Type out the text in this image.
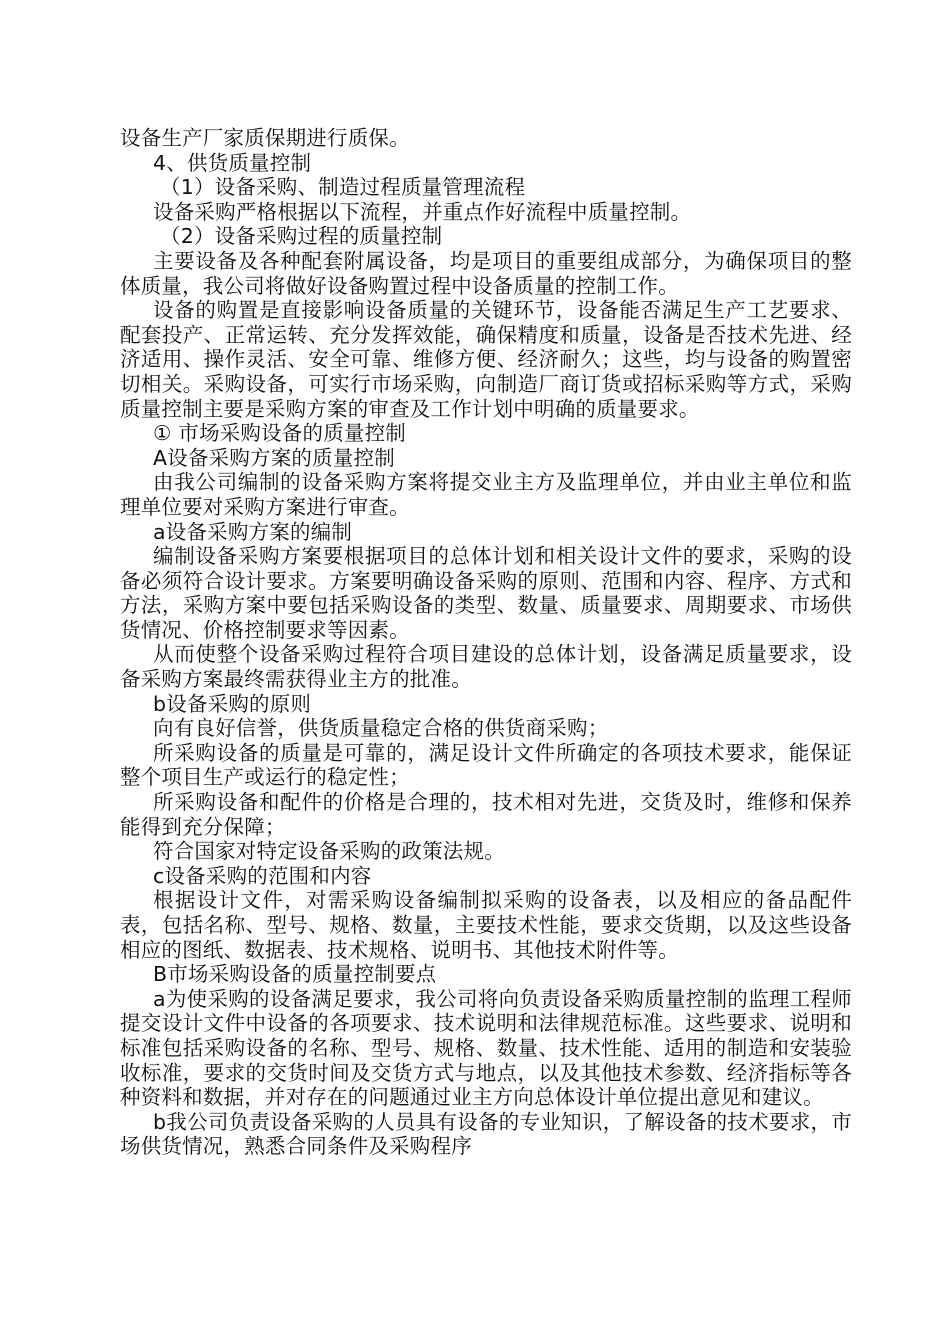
设备生产厂家质保期进行质保。

4、供货质量控制

（1）设备采购、制造过程质量管理流程

设备采购严格根据以下流程，并重点作好流程中质量控制。

（2）设备采购过程的质量控制

主要设备及各种配套附属设备，均是项目的重要组成部分，为确保项目的整体质量，我公司将做好设备购置过程中设备质量的控制工作。

设备的购置是直接影响设备质量的关键环节，设备能否满足生产工艺要求、配套投产、正常运转、充分发挥效能，确保精度和质量，设备是否技术先进、经济适用、操作灵活、安全可靠、维修方便、经济耐久；这些，均与设备的购置密切相关。采购设备，可实行市场采购，向制造厂商订货或招标采购等方式，采购质量控制主要是采购方案的审查及工作计划中明确的质量要求。

① 市场采购设备的质量控制

A设备采购方案的质量控制

由我公司编制的设备采购方案将提交业主方及监理单位，并由业主单位和监理单位要对采购方案进行审查。

a设备采购方案的编制

编制设备采购方案要根据项目的总体计划和相关设计文件的要求，采购的设备必须符合设计要求。方案要明确设备采购的原则、范围和内容、程序、方式和方法，采购方案中要包括采购设备的类型、数量、质量要求、周期要求、市场供货情况、价格控制要求等因素。

从而使整个设备采购过程符合项目建设的总体计划，设备满足质量要求，设备采购方案最终需获得业主方的批准。

b设备采购的原则

向有良好信誉，供货质量稳定合格的供货商采购；

所采购设备的质量是可靠的，满足设计文件所确定的各项技术要求，能保证整个项目生产或运行的稳定性；

所采购设备和配件的价格是合理的，技术相对先进，交货及时，维修和保养能得到充分保障；

符合国家对特定设备采购的政策法规。

c设备采购的范围和内容

根据设计文件，对需采购设备编制拟采购的设备表，以及相应的备品配件表，包括名称、型号、规格、数量，主要技术性能，要求交货期，以及这些设备相应的图纸、数据表、技术规格、说明书、其他技术附件等。

B市场采购设备的质量控制要点

a为使采购的设备满足要求，我公司将向负责设备采购质量控制的监理工程师提交设计文件中设备的各项要求、技术说明和法律规范标准。这些要求、说明和标准包括采购设备的名称、型号、规格、数量、技术性能、适用的制造和安装验收标准，要求的交货时间及交货方式与地点，以及其他技术参数、经济指标等各种资料和数据，并对存在的问题通过业主方向总体设计单位提出意见和建议。

b我公司负责设备采购的人员具有设备的专业知识，了解设备的技术要求，市场供货情况，熟悉合同条件及采购程序
